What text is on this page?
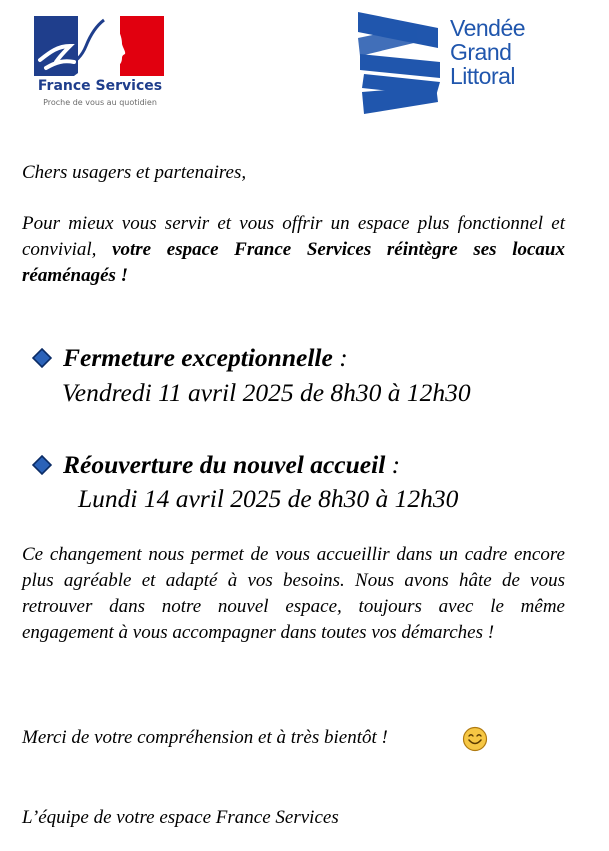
France Services
Proche de vous au quotidien
Vendée
Grand
Littoral
Chers usagers et partenaires,
Pour mieux vous servir et vous offrir un espace plus fonctionnel et convivial, votre espace France Services réintègre ses locaux réaménagés !
Fermeture exceptionnelle :
Vendredi 11 avril 2025 de 8h30 à 12h30
Réouverture du nouvel accueil :
Lundi 14 avril 2025 de 8h30 à 12h30
Ce changement nous permet de vous accueillir dans un cadre encore plus agréable et adapté à vos besoins. Nous avons hâte de vous retrouver dans notre nouvel espace, toujours avec le même engagement à vous accompagner dans toutes vos démarches !
Merci de votre compréhension et à très bientôt !
L’équipe de votre espace France Services
